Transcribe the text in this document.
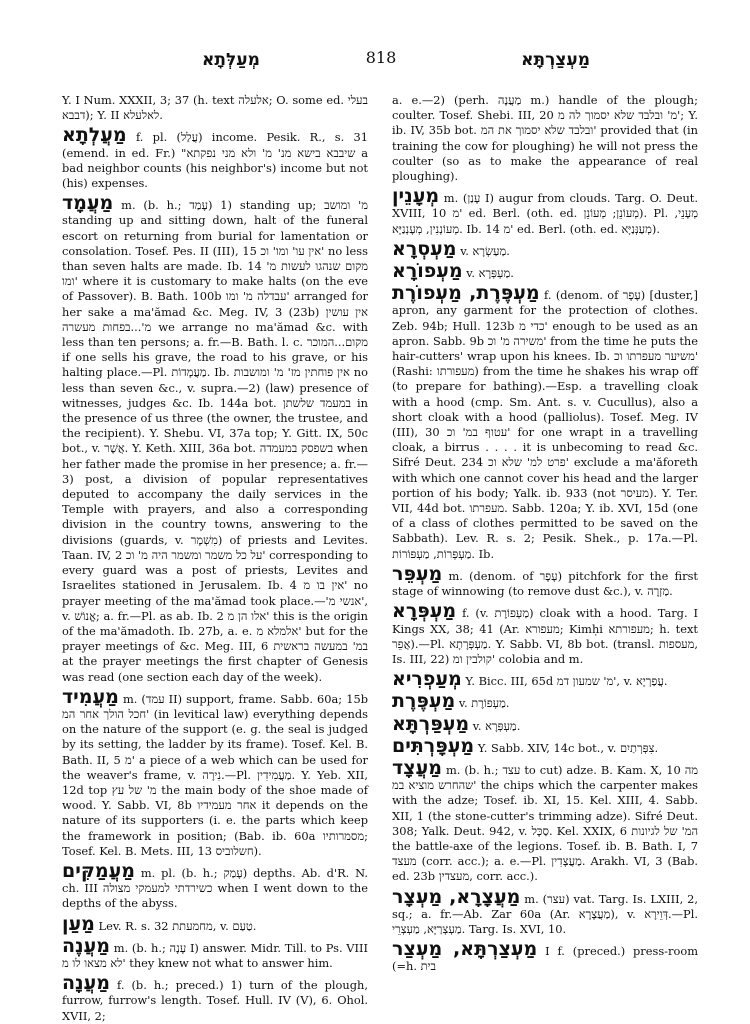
מְעַלְּתָא	818	מַעְצַרְתָּא

Y. I Num. XXXII, 3; 37 (h. text אלעלה; O. some ed. בעלי דבבא); Y. II לאלעלא.

מַעֲלְתָא f. pl. (עֲלַל) income. Pesik. R., s. 31 (emend. in ed. Fr.) "שיבבא בישא מנ' מ' ולא מני נפקתא a bad neighbor counts (his neighbor's) income but not (his) expenses.

מַעֲמָד m. (b. h.; עָמַד) 1) standing up; מ' ומושב standing up and sitting down, halt of the funeral escort on returning from burial for lamentation or consolation. Tosef. Pes. II (III), 15 אין עו' ומו' וכ' no less than seven halts are made. Ib. 14 מקום שנהגו לעשות מ' ומו' where it is customary to make halts (on the eve of Passover). B. Bath. 100b עבדלה מ' ומו' arranged for her sake a ma'ămad &c. Meg. IV, 3 (23b) אין עושין מ'...בפחות מעשרה we arrange no ma'ămad &c. with less than ten persons; a. fr.—B. Bath. l. c. מקום...המוכר if one sells his grave, the road to his grave, or his halting place.—Pl. מַעֲמָדוֹת. Ib. אין פוחתין מז' מ' ומושבות no less than seven &c., v. supra.—2) (law) presence of witnesses, judges &c. Ib. 144a bot. במעמד שלשתן in the presence of us three (the owner, the trustee, and the recipient). Y. Shebu. VI, 37a top; Y. Gitt. IX, 50c bot., v. אֲשֶׁר. Y. Keth. XIII, 36a bot. בשפסק במעמדה when her father made the promise in her presence; a. fr.—3) post, a division of popular representatives deputed to accompany the daily services in the Temple with prayers, and also a corresponding division in the country towns, answering to the divisions (guards, v. מִשְׁמָר) of priests and Levites. Taan. IV, 2 על כל משמר ומשמר היה מ' וכ' corresponding to every guard was a post of priests, Levites and Israelites stationed in Jerusalem. Ib. 4 אין בו מ' no prayer meeting of the ma'ămad took place.—'אנשי מ', v. אֱנוֹשׁ; a. fr.—Pl. as ab. Ib. 2 אלו הן מ' this is the origin of the ma'ămadoth. Ib. 27b, a. e. אלמלא מ' but for the prayer meetings of &c. Meg. III, 6 במ' במעשה בראשית at the prayer meetings the first chapter of Genesis was read (one section each day of the week).

מַעֲמִיד m. (עמד II) support, frame. Sabb. 60a; 15b חכל הולך אחר המ' (in levitical law) everything depends on the nature of the support (e. g. the seal is judged by its setting, the ladder by its frame). Tosef. Kel. B. Bath. II, 5 מ' a piece of a web which can be used for the weaver's frame, v. נִירָה.—Pl. מַעֲמִידִין. Y. Yeb. XII, 12d top מ' של עץ the main body of the shoe made of wood. Y. Sabb. VI, 8b אחר מעמידיו it depends on the nature of its supporters (i. e. the parts which keep the framework in position; (Bab. ib. 60a מסמרותיו; Tosef. Kel. B. Mets. III, 13 חשלוביס).

מַעֲמַקִּים m. pl. (b. h.; עָמַק) depths. Ab. d'R. N. ch. III כשירדתי למעמקי מצולה when I went down to the depths of the abyss.

מַעַן Lev. R. s. 32 מחמעתת, v. טַעַם.

מַעֲנֶה m. (b. h.; עָנָה I) answer. Midr. Till. to Ps. VIII לא מצאו לו מ' they knew not what to answer him.

מַעֲנָה f. (b. h.; preced.) 1) turn of the plough, furrow, furrow's length. Tosef. Hull. IV (V), 6. Ohol. XVII, 2;

a. e.—2) (perh. מַעֲנֶה m.) handle of the plough; coulter. Tosef. Shebi. III, 20 מ' ובלבד שלא יסמוך לה מ'; Y. ib. IV, 35b bot. ובלבד שלא יסמוך את המ' provided that (in training the cow for ploughing) he will not press the coulter (so as to make the appearance of real ploughing).

מְעָנֵין m. (עָנַן I) augur from clouds. Targ. O. Deut. XVIII, 10 מ' ed. Berl. (oth. ed. מְעוֹנֵן; מְעוֹנֵן). Pl. מְעָנֵי, מְעוֹנְנִין, מְעָנְנַיָּא. Ib. 14 מ' ed. Berl. (oth. ed. מְעַנְּנַיָּא).

מַעְסְרָא v. מַעַשְׂרָא.

מַעְפוֹרָא v. מַעְפְּרָא.

מַעְפֶּרֶת, מַעְפוֹרֶת f. (denom. of עָפָר) [duster,] apron, any garment for the protection of clothes. Zeb. 94b; Hull. 123b כדי מ' enough to be used as an apron. Sabb. 9b משירה מ' וכ' from the time he puts the hair-cutters' wrap upon his knees. Ib. משיער מעפרתו וכ' (Rashi: מעפורתו) from the time he shakes his wrap off (to prepare for bathing).—Esp. a travelling cloak with a hood (cmp. Sm. Ant. s. v. Cucullus), also a short cloak with a hood (palliolus). Tosef. Meg. IV (III), 30 עטוף במ' וכ' for one wrapt in a travelling cloak, a birrus . . . . it is unbecoming to read &c. Sifré Deut. 234 פרט למ' שלא וכ' exclude a ma'ăforeth with which one cannot cover his head and the larger portion of his body; Yalk. ib. 933 (not מעיסר). Y. Ter. VII, 44d bot. מעפרתו. Sabb. 120a; Y. ib. XVI, 15d (one of a class of clothes permitted to be saved on the Sabbath). Lev. R. s. 2; Pesik. Shek., p. 17a.—Pl. מַעְפְּרוֹת, מַעְפּוֹרוֹת. Ib.

מַעְפֵּר m. (denom. of עָפָר) pitchfork for the first stage of winnowing (to remove dust &c.), v. מַזְרֶה.

מַעְפְּרָא f. (v. מַעְפוֹרֶת) cloak with a hood. Targ. I Kings XX, 38; 41 (Ar. מעפורא; Kimḥi מעפורתא; h. text אֲפֵר).—Pl. מַעְפְּרָתָא. Y. Sabb. VI, 8b bot. (transl. מעספות, Is. III, 22) קולבין ומ' colobia and m.

מְעַפְרִיא Y. Bicc. III, 65d מ' שמעון דמ', v. עֲפַרְיָא.

מַעְפֶּרֶת v. מַעְפוֹרֶת.

מַעְפַּרְתָּא v. מַעְפְּרָא.

מַעְפָּרְתִּים Y. Sabb. XIV, 14c bot., v. צִפְּרְתַיִם.

מַעֲצָד m. (b. h.; עצד to cut) adze. B. Kam. X, 10 מה שהחרש מוציא במ' the chips which the carpenter makes with the adze; Tosef. ib. XI, 15. Kel. XIII, 4. Sabb. XII, 1 (the stone-cutter's trimming adze). Sifré Deut. 308; Yalk. Deut. 942, v. סַכָּל. Kel. XXIX, 6 המ' של לגיונות the battle-axe of the legions. Tosef. ib. B. Bath. I, 7 מעצד (corr. acc.); a. e.—Pl. מַעֲצָדִין. Arakh. VI, 3 (Bab. ed. 23b מעצדין, corr. acc.).

מַעֲצָרָא, מַעְצָר m. (עצר) vat. Targ. Is. LXIII, 2, sq.; a. fr.—Ab. Zar 60a (Ar. מַעֲצָרָא), v. דְּוֵירָא.—Pl. מַעְצְרַיָּא, מַעְצְרֵי. Targ. Is. XVI, 10.

מַעְצַרְתָּא, מַעְצַר I f. (preced.) press-room (=h. בית
